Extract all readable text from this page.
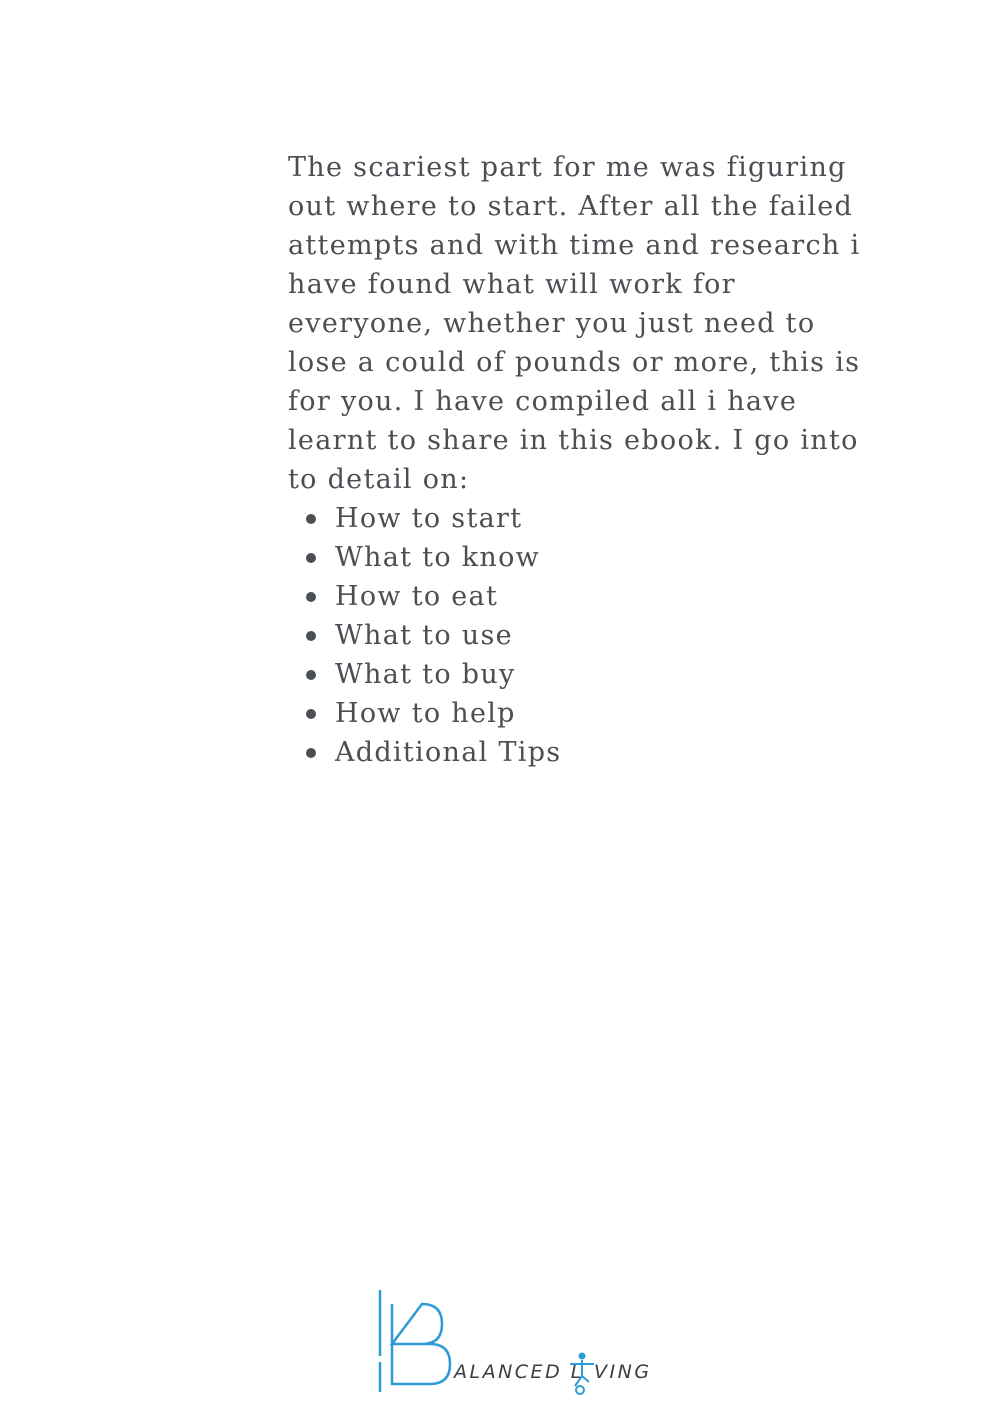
The scariest part for me was figuring out where to start. After all the failed attempts and with time and research i have found what will work for everyone, whether you just need to lose a could of pounds or more, this is for you. I have compiled all i have learnt to share in this ebook. I go into to detail on:

How to start
What to know
How to eat
What to use
What to buy
How to help
Additional Tips
ALANCED L VING
